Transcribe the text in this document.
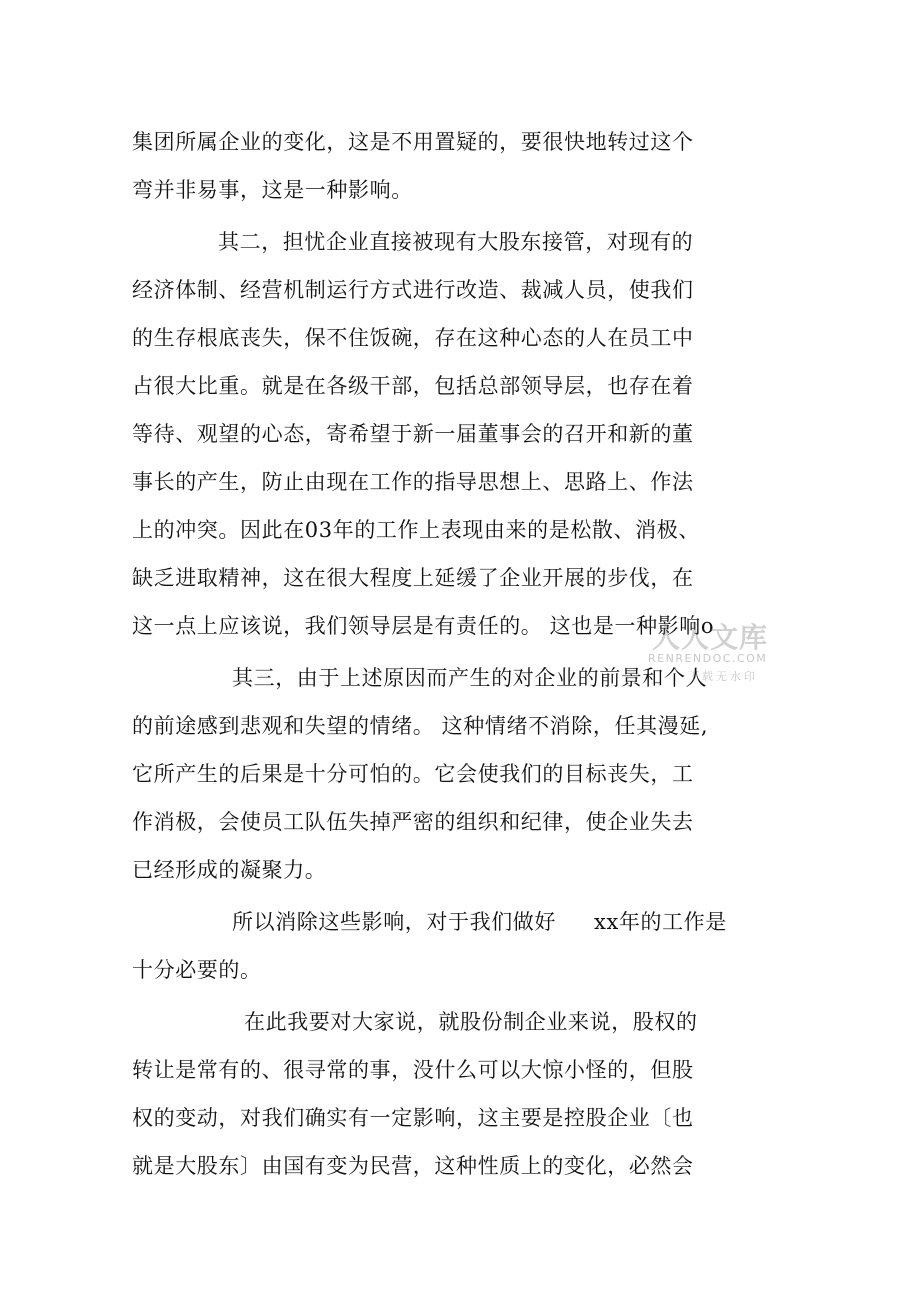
集团所属企业的变化，这是不用置疑的，要很快地转过这个
弯并非易事，这是一种影响。
其二，担忧企业直接被现有大股东接管，对现有的
经济体制、经营机制运行方式进行改造、裁减人员，使我们
的生存根底丧失，保不住饭碗，存在这种心态的人在员工中
占很大比重。就是在各级干部，包括总部领导层，也存在着
等待、观望的心态，寄希望于新一届董事会的召开和新的董
事长的产生，防止由现在工作的指导思想上、思路上、作法
上的冲突。因此在03年的工作上表现由来的是松散、消极、
缺乏进取精神，这在很大程度上延缓了企业开展的步伐，在
这一点上应该说，我们领导层是有责任的。 这也是一种影响o
其三，由于上述原因而产生的对企业的前景和个人
的前途感到悲观和失望的情绪。 这种情绪不消除，任其漫延,
它所产生的后果是十分可怕的。它会使我们的目标丧失，工
作消极，会使员工队伍失掉严密的组织和纪律，使企业失去
已经形成的凝聚力。
所以消除这些影响，对于我们做好 xx年的工作是
十分必要的。
在此我要对大家说，就股份制企业来说，股权的
转让是常有的、很寻常的事，没什么可以大惊小怪的，但股
权的变动，对我们确实有一定影响，这主要是控股企业〔也
就是大股东〕由国有变为民营，这种性质上的变化，必然会
人人文库
RENRENDOC.COM
下载无水印
